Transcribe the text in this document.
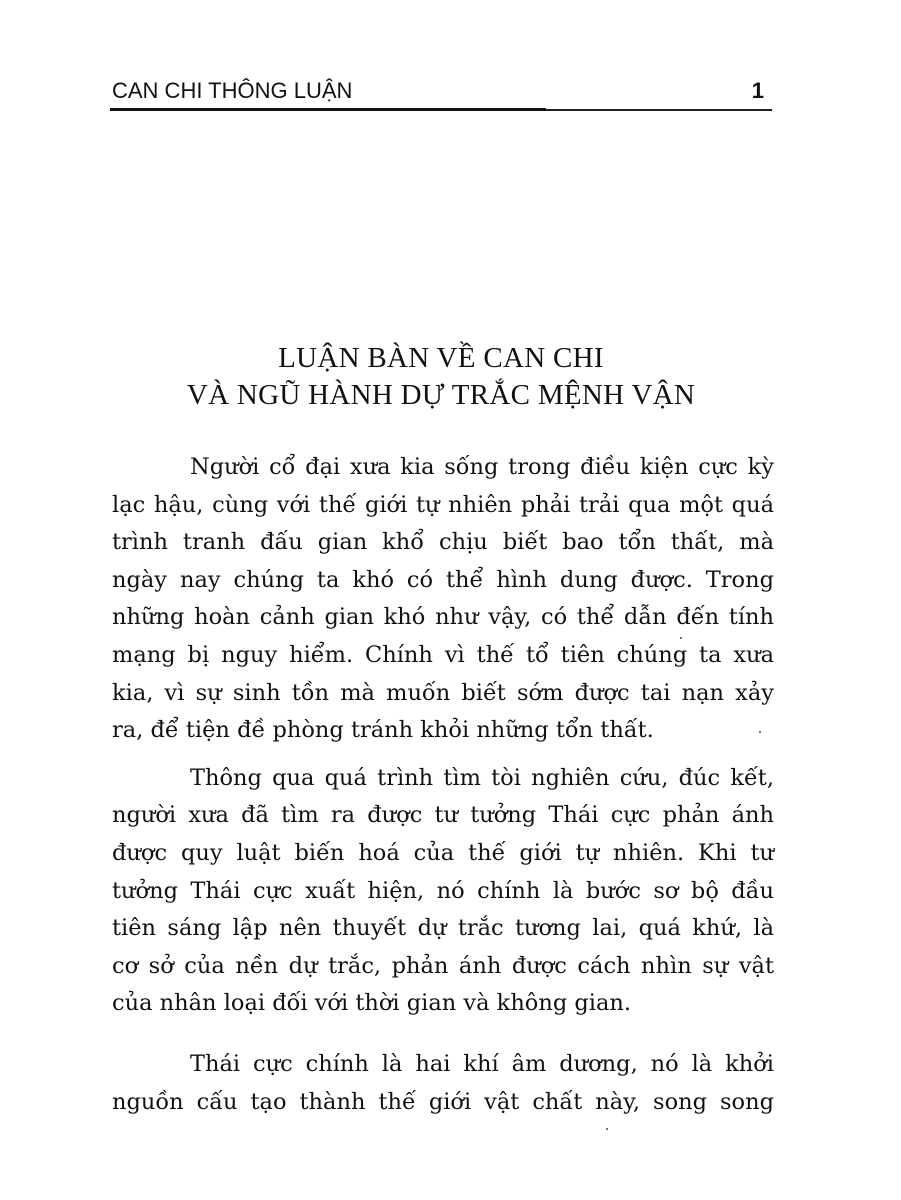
CAN CHI THÔNG LUẬN	1
LUẬN BÀN VỀ CAN CHI
VÀ NGŨ HÀNH DỰ TRẮC MỆNH VẬN
Người cổ đại xưa kia sống trong điều kiện cực kỳ
lạc hậu, cùng với thế giới tự nhiên phải trải qua một quá
trình tranh đấu gian khổ chịu biết bao tổn thất, mà
ngày nay chúng ta khó có thể hình dung được. Trong
những hoàn cảnh gian khó như vậy, có thể dẫn đến tính
mạng bị nguy hiểm. Chính vì thế tổ tiên chúng ta xưa
kia, vì sự sinh tồn mà muốn biết sớm được tai nạn xảy
ra, để tiện đề phòng tránh khỏi những tổn thất.
Thông qua quá trình tìm tòi nghiên cứu, đúc kết,
người xưa đã tìm ra được tư tưởng Thái cực phản ánh
được quy luật biến hoá của thế giới tự nhiên. Khi tư
tưởng Thái cực xuất hiện, nó chính là bước sơ bộ đầu
tiên sáng lập nên thuyết dự trắc tương lai, quá khứ, là
cơ sở của nền dự trắc, phản ánh được cách nhìn sự vật
của nhân loại đối với thời gian và không gian.
Thái cực chính là hai khí âm dương, nó là khởi
nguồn cấu tạo thành thế giới vật chất này, song song
